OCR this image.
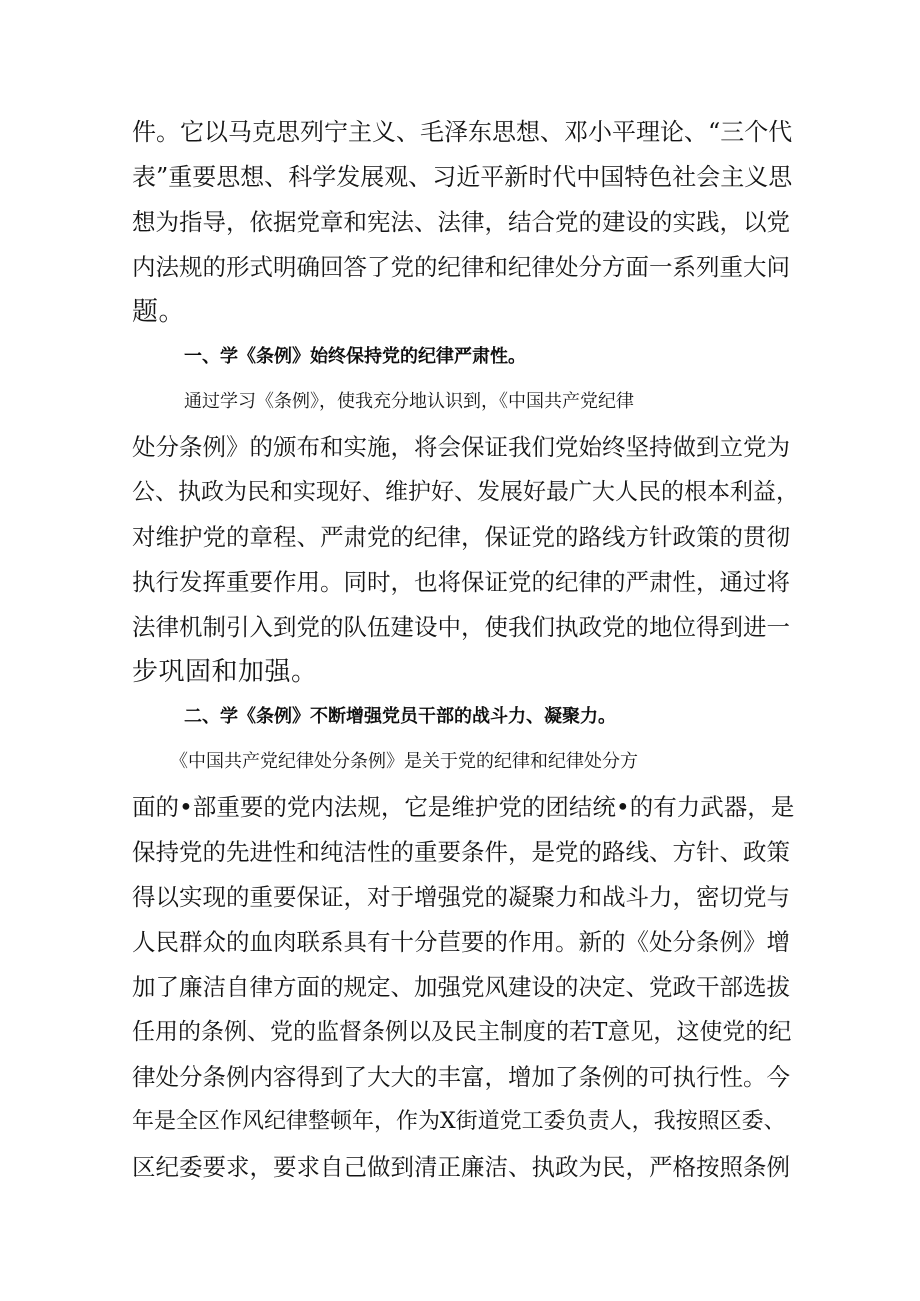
件。它以马克思列宁主义、毛泽东思想、邓小平理论、“三个代
表”重要思想、科学发展观、习近平新时代中国特色社会主义思
想为指导，依据党章和宪法、法律，结合党的建设的实践，以党
内法规的形式明确回答了党的纪律和纪律处分方面一系列重大问
题。
一、学《条例》始终保持党的纪律严肃性。
通过学习《条例》，使我充分地认识到，《中国共产党纪律
处分条例》的颁布和实施，将会保证我们党始终坚持做到立党为
公、执政为民和实现好、维护好、发展好最广大人民的根本利益，
对维护党的章程、严肃党的纪律，保证党的路线方针政策的贯彻
执行发挥重要作用。同时，也将保证党的纪律的严肃性，通过将
法律机制引入到党的队伍建设中，使我们执政党的地位得到进一
步巩固和加强。
二、学《条例》不断增强党员干部的战斗力、凝聚力。
《中国共产党纪律处分条例》是关于党的纪律和纪律处分方
面的•部重要的党内法规，它是维护党的团结统•的有力武器，是
保持党的先进性和纯洁性的重要条件，是党的路线、方针、政策
得以实现的重要保证，对于增强党的凝聚力和战斗力，密切党与
人民群众的血肉联系具有十分苣要的作用。新的《处分条例》增
加了廉洁自律方面的规定、加强党风建设的决定、党政干部选拔
任用的条例、党的监督条例以及民主制度的若T意见，这使党的纪
律处分条例内容得到了大大的丰富，增加了条例的可执行性。今
年是全区作风纪律整顿年，作为X街道党工委负责人，我按照区委、
区纪委要求，要求自己做到清正廉洁、执政为民，严格按照条例
